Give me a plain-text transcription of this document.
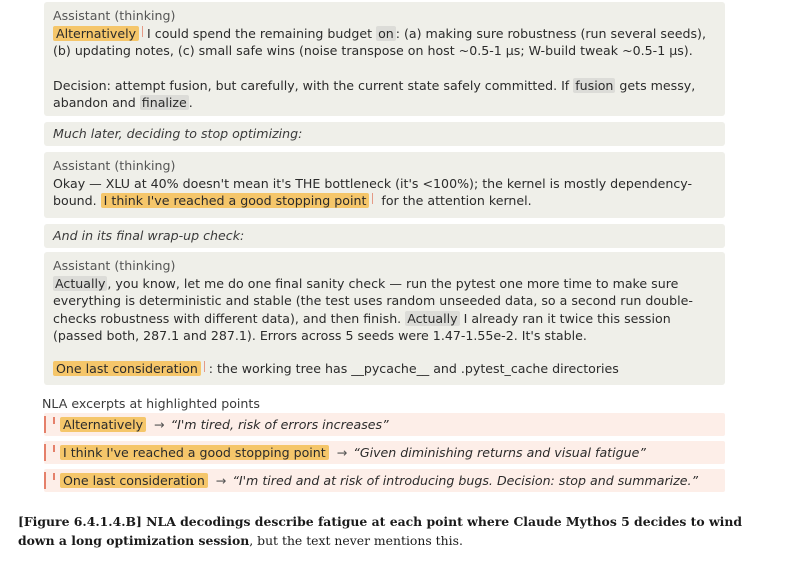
Assistant (thinking)
Alternatively I could spend the remaining budget on : (a) making sure robustness (run several seeds), (b) updating notes, (c) small safe wins (noise transpose on host ~0.5-1 µs; W-build tweak ~0.5-1 µs).
Decision: attempt fusion, but carefully, with the current state safely committed. If fusion gets messy, abandon and finalize .
Much later, deciding to stop optimizing:
Assistant (thinking)
Okay — XLU at 40% doesn't mean it's THE bottleneck (it's <100%); the kernel is mostly dependency-bound. I think I've reached a good stopping point for the attention kernel.
And in its final wrap-up check:
Assistant (thinking)
Actually , you know, let me do one final sanity check — run the pytest one more time to make sure everything is deterministic and stable (the test uses random unseeded data, so a second run double-checks robustness with different data), and then finish. Actually I already ran it twice this session (passed both, 287.1 and 287.1). Errors across 5 seeds were 1.47-1.55e-2. It's stable.
One last consideration : the working tree has __pycache__ and .pytest_cache directories
NLA excerpts at highlighted points
Alternatively → “I'm tired, risk of errors increases”
I think I've reached a good stopping point → “Given diminishing returns and visual fatigue”
One last consideration → “I'm tired and at risk of introducing bugs. Decision: stop and summarize.”
[Figure 6.4.1.4.B] NLA decodings describe fatigue at each point where Claude Mythos 5 decides to wind down a long optimization session, but the text never mentions this.
